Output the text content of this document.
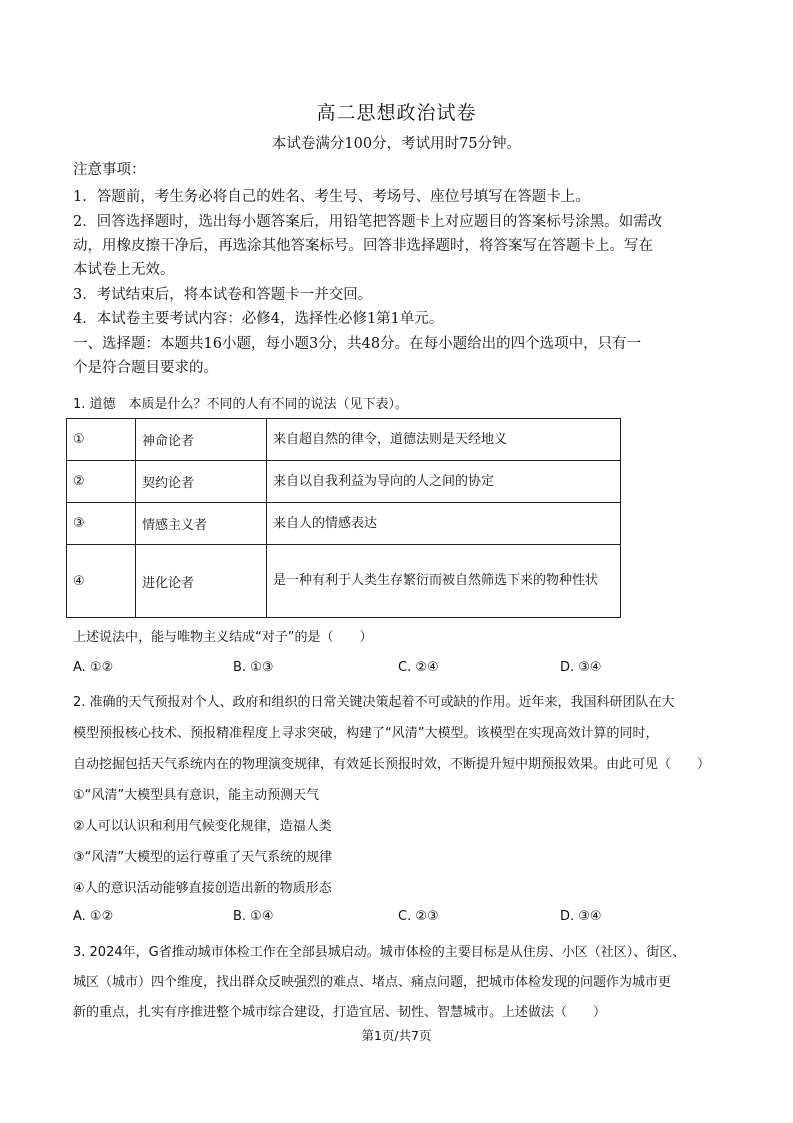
高二思想政治试卷
本试卷满分100分，考试用时75分钟。
注意事项：
1．答题前，考生务必将自己的姓名、考生号、考场号、座位号填写在答题卡上。
2．回答选择题时，选出每小题答案后，用铅笔把答题卡上对应题目的答案标号涂黑。如需改
动，用橡皮擦干净后，再选涂其他答案标号。回答非选择题时，将答案写在答题卡上。写在
本试卷上无效。
3．考试结束后，将本试卷和答题卡一并交回。
4．本试卷主要考试内容：必修4，选择性必修1第1单元。
一、选择题：本题共16小题，每小题3分，共48分。在每小题给出的四个选项中，只有一
个是符合题目要求的。
1. 道德　本质是什么？不同的人有不同的说法（见下表）。
①	神命论者	来自超自然的律令，道德法则是天经地义
②	契约论者	来自以自我利益为导向的人之间的协定
③	情感主义者	来自人的情感表达
④	进化论者	是一种有利于人类生存繁衍而被自然筛选下来的物种性状
上述说法中，能与唯物主义结成“对子”的是（　　）
A. ①②	B. ①③	C. ②④	D. ③④
2. 准确的天气预报对个人、政府和组织的日常关键决策起着不可或缺的作用。近年来，我国科研团队在大
模型预报核心技术、预报精准程度上寻求突破，构建了“风清”大模型。该模型在实现高效计算的同时，
自动挖掘包括天气系统内在的物理演变规律，有效延长预报时效，不断提升短中期预报效果。由此可见（　　）
①“风清”大模型具有意识，能主动预测天气
②人可以认识和利用气候变化规律，造福人类
③“风清”大模型的运行尊重了天气系统的规律
④人的意识活动能够直接创造出新的物质形态
A. ①②	B. ①④	C. ②③	D. ③④
3. 2024年，G省推动城市体检工作在全部县城启动。城市体检的主要目标是从住房、小区（社区）、街区、
城区（城市）四个维度，找出群众反映强烈的难点、堵点、痛点问题，把城市体检发现的问题作为城市更
新的重点，扎实有序推进整个城市综合建设，打造宜居、韧性、智慧城市。上述做法（　　）
第1页/共7页
